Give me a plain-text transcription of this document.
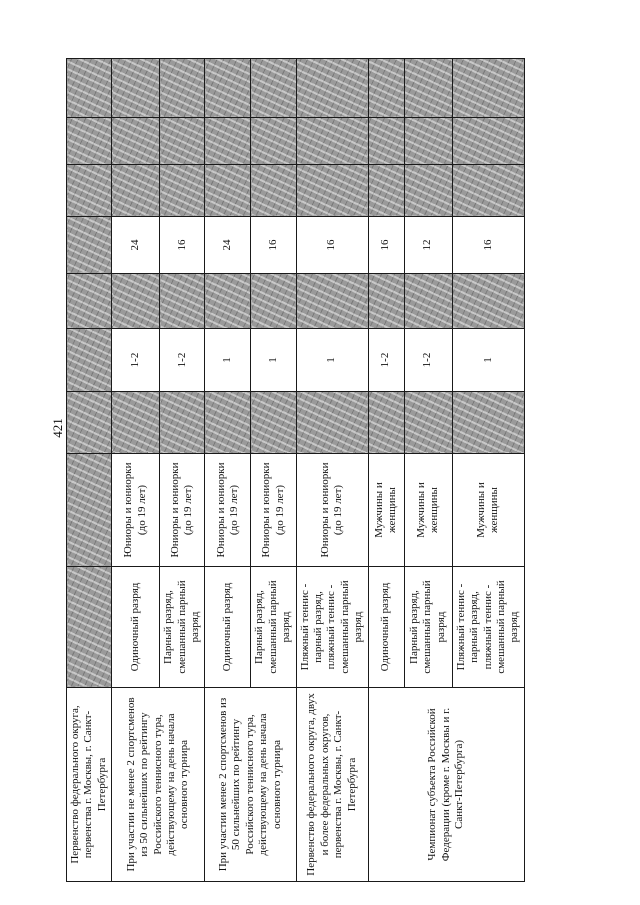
421
Первенство федерального округа, первенства г. Москвы, г. Санкт-Петербурга									

При участии не менее 2 спортсменов из 50 сильнейших по рейтингу Российского теннисного тура, действующему на день начала основного турнира	Одиночный разряд	Юниоры и юниорки (до 19 лет)		1-2		24			

	Парный разряд, смешанный парный разряд	Юниоры и юниорки (до 19 лет)		1-2		16			

При участии менее 2 спортсменов из 50 сильнейших по рейтингу Российского теннисного тура, действующему на день начала основного турнира	Одиночный разряд	Юниоры и юниорки (до 19 лет)		1		24			

	Парный разряд, смешанный парный разряд	Юниоры и юниорки (до 19 лет)		1		16			

Первенство федерального округа, двух и более федеральных округов, первенства г. Москвы, г. Санкт-Петербурга	Пляжный теннис - парный разряд, пляжный теннис - смешанный парный разряд	Юниоры и юниорки (до 19 лет)		1		16			

Чемпионат субъекта Российской Федерации (кроме г. Москвы и г. Санкт-Петербурга)	Одиночный разряд	Мужчины и женщины		1-2		16			

	Парный разряд, смешанный парный разряд	Мужчины и женщины		1-2		12			

	Пляжный теннис - парный разряд, пляжный теннис - смешанный парный разряд	Мужчины и женщины		1		16			
